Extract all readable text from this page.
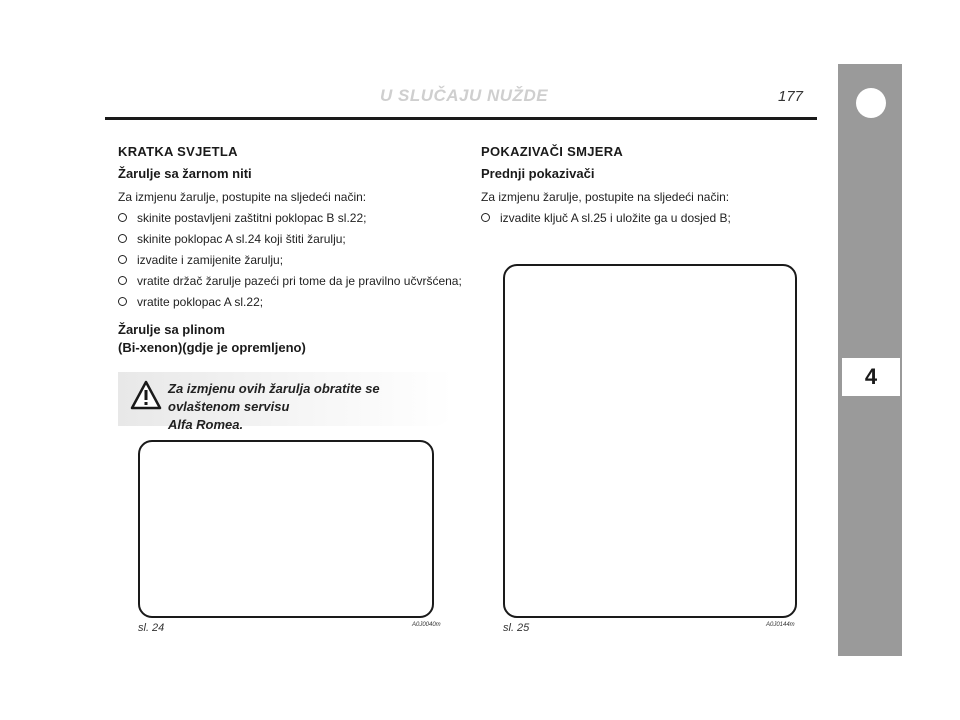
U SLUČAJU NUŽDE	177
4
KRATKA SVJETLA
Žarulje sa žarnom niti
Za izmjenu žarulje, postupite na sljedeći način:
skinite postavljeni zaštitni poklopac B sl.22;
skinite poklopac A sl.24 koji štiti žarulju;
izvadite i zamijenite žarulju;
vratite držač žarulje pazeći pri tome da je pravilno učvršćena;
vratite poklopac A sl.22;
Žarulje sa plinom
(Bi-xenon)(gdje je opremljeno)
Za izmjenu ovih žarulja obratite se ovlaštenom servisu
Alfa Romea.
sl. 24	A0J0040m
POKAZIVAČI SMJERA
Prednji pokazivači
Za izmjenu žarulje, postupite na sljedeći način:
izvadite ključ A sl.25 i uložite ga u dosjed B;
sl. 25	A0J0144m
